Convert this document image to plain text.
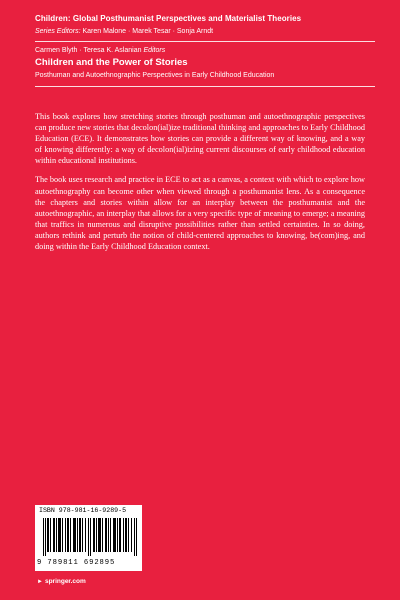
Children: Global Posthumanist Perspectives and Materialist Theories
Series Editors: Karen Malone · Marek Tesar · Sonja Arndt
Carmen Blyth · Teresa K. Aslanian Editors
Children and the Power of Stories
Posthuman and Autoethnographic Perspectives in Early Childhood Education

This book explores how stretching stories through posthuman and autoethnographic perspectives can produce new stories that decolon(ial)ize traditional thinking and approaches to Early Childhood Education (ECE). It demonstrates how stories can provide a different way of knowing, and a way of knowing differently: a way of decolon(ial)izing current discourses of early childhood education within educational institutions.

The book uses research and practice in ECE to act as a canvas, a context with which to explore how autoethnography can become other when viewed through a posthumanist lens. As a consequence the chapters and stories within allow for an interplay between the posthumanist and the autoethnographic, an interplay that allows for a very specific type of meaning to emerge; a meaning that traffics in numerous and disruptive possibilities rather than settled certainties. In so doing, authors rethink and perturb the notion of child-centered approaches to knowing, be(com)ing, and doing within the Early Childhood Education context.

ISBN 978-981-16-9289-5
9 789811 692895
► springer.com
